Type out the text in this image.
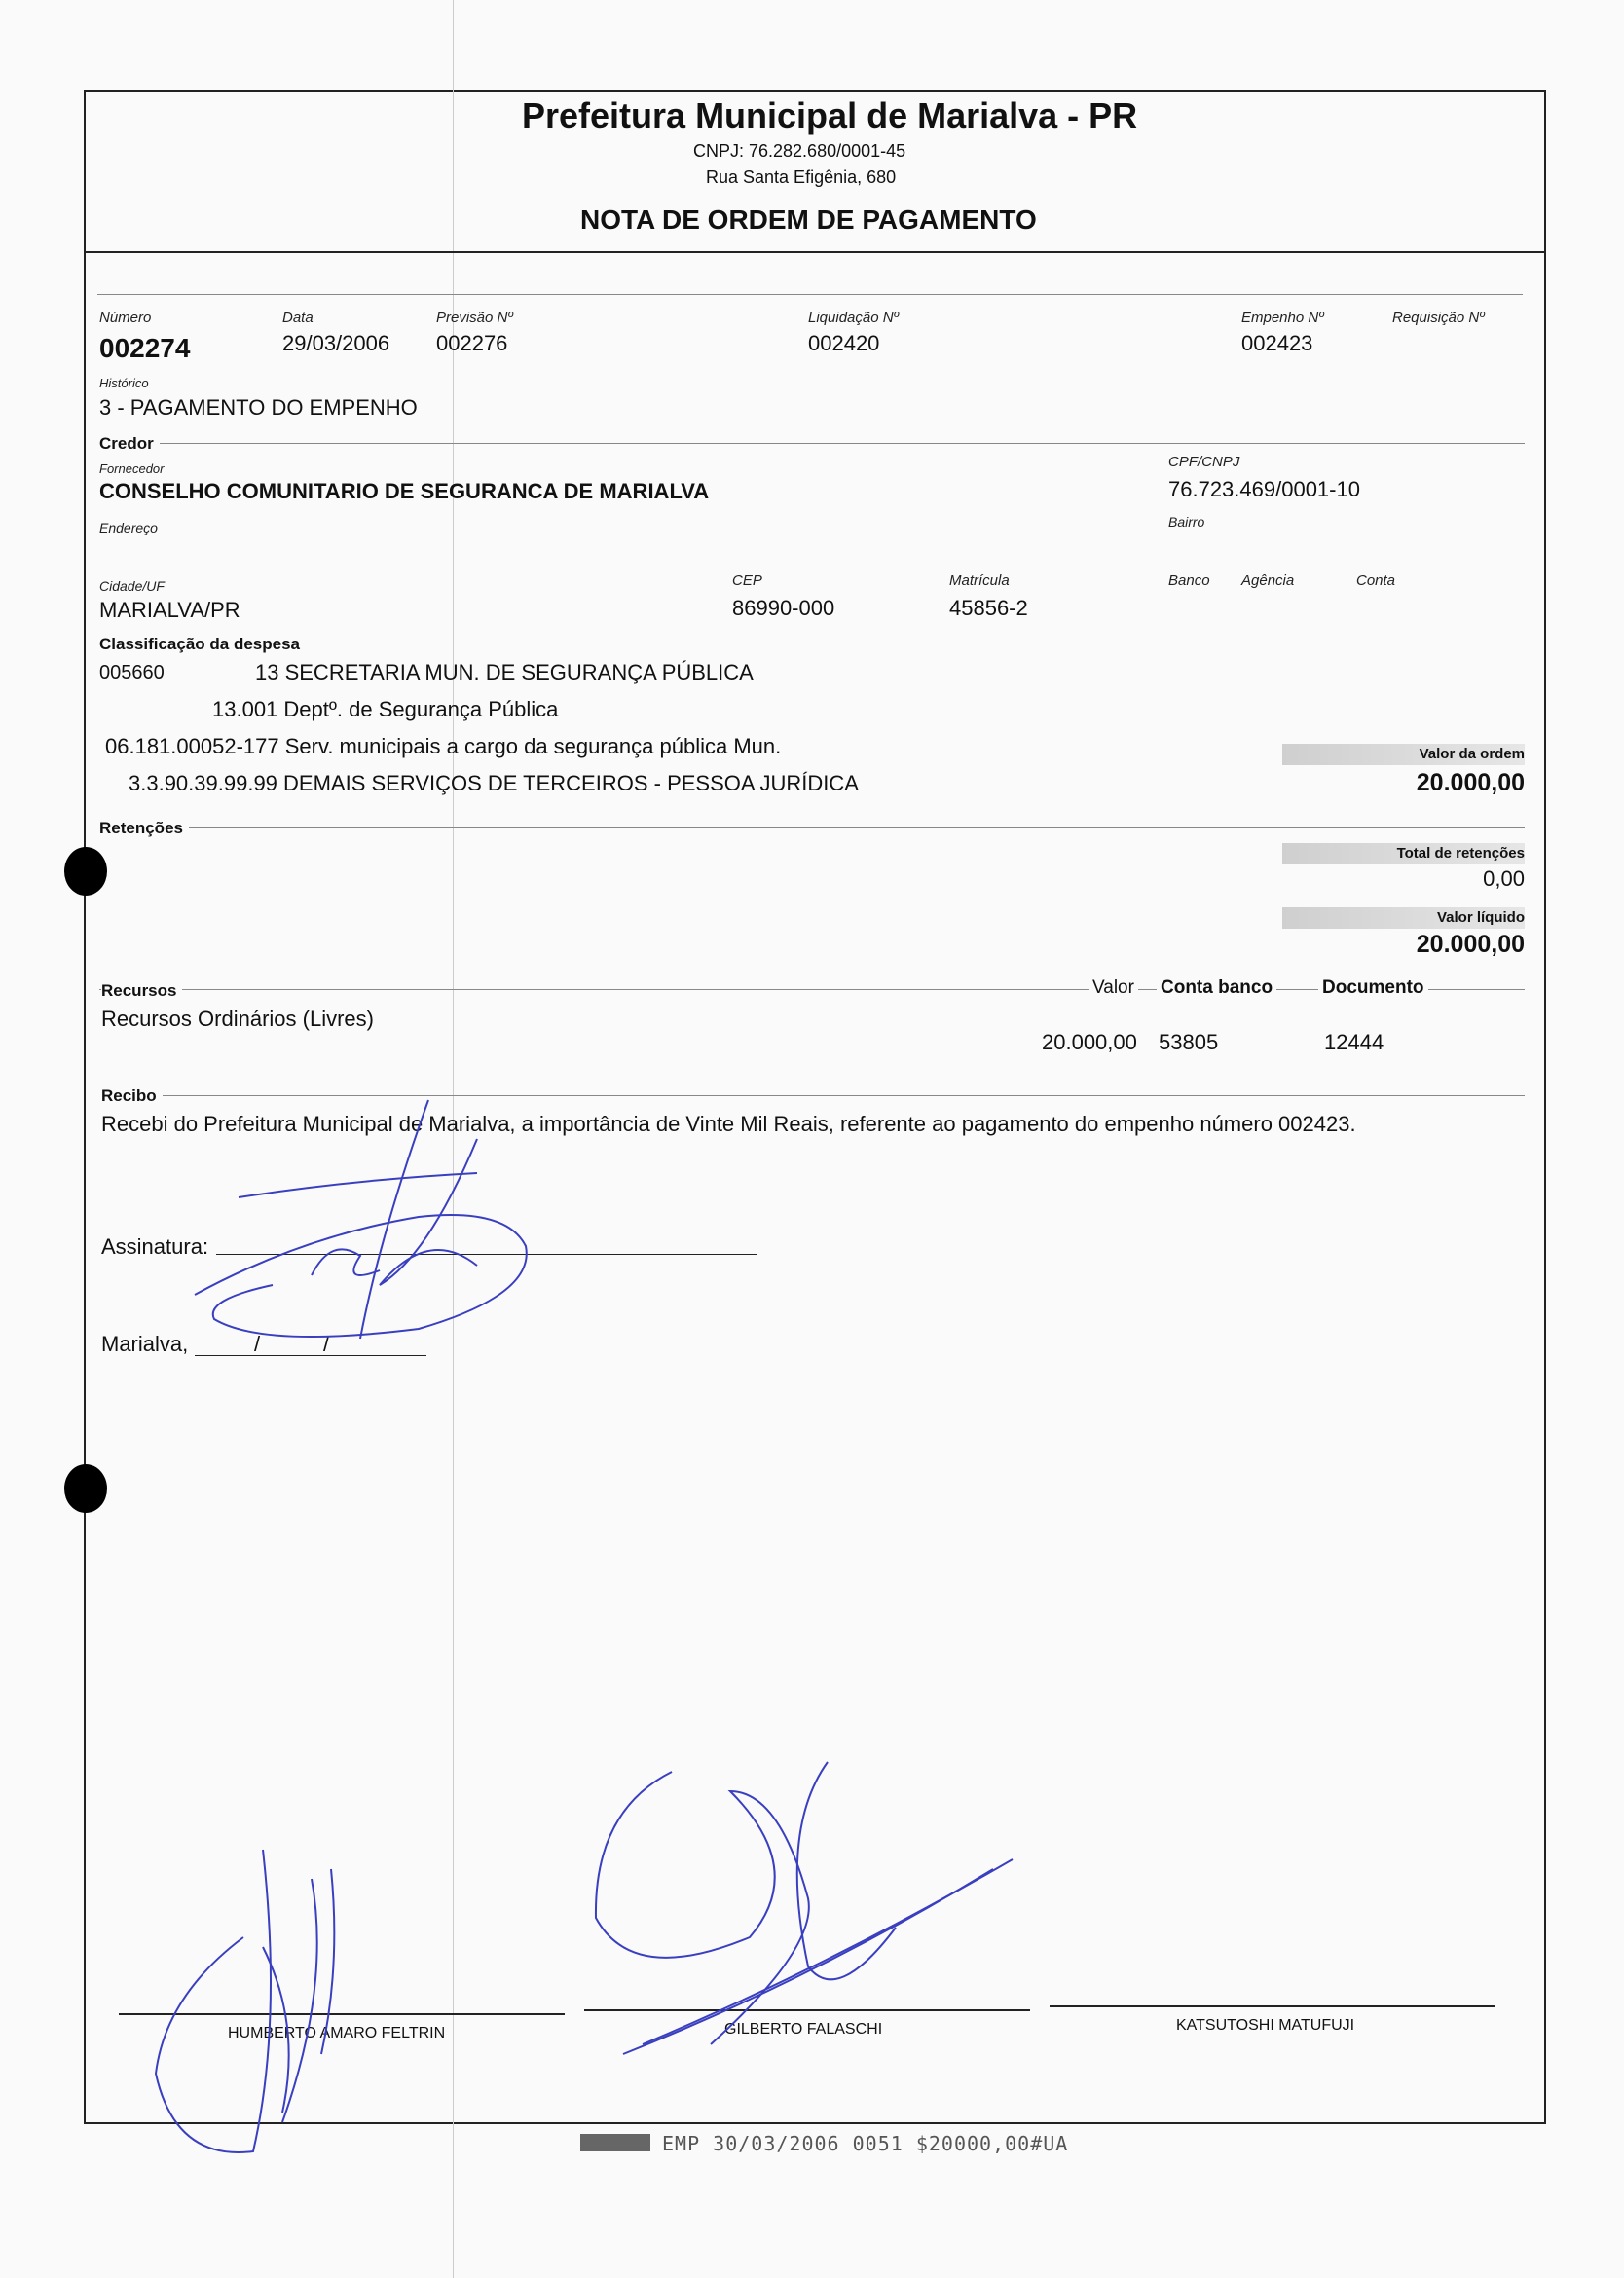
Prefeitura Municipal de Marialva - PR
CNPJ: 76.282.680/0001-45
Rua Santa Efigênia, 680
NOTA DE ORDEM DE PAGAMENTO
Número
002274
Data
29/03/2006
Previsão Nº
002276
Liquidação Nº
002420
Empenho Nº
002423
Requisição Nº
Histórico
3 - PAGAMENTO DO EMPENHO
Credor
Fornecedor
CONSELHO COMUNITARIO DE SEGURANCA DE MARIALVA
CPF/CNPJ
76.723.469/0001-10
Endereço	Bairro
Cidade/UF
MARIALVA/PR
CEP
86990-000
Matrícula
45856-2
Banco Agência	Conta
Classificação da despesa
005660	13 SECRETARIA MUN. DE SEGURANÇA PÚBLICA
13.001 Deptº. de Segurança Pública
06.181.00052-177 Serv. municipais a cargo da segurança pública Mun.
3.3.90.39.99.99 DEMAIS SERVIÇOS DE TERCEIROS - PESSOA JURÍDICA
Valor da ordem
20.000,00
Retenções
Total de retenções
0,00
Valor líquido
20.000,00
Recursos	Valor Conta banco	Documento
Recursos Ordinários (Livres)
20.000,00 53805	12444
Recibo
Recebi do Prefeitura Municipal de Marialva, a importância de Vinte Mil Reais, referente ao pagamento do empenho número 002423.
Assinatura:
Marialva,	/	/
HUMBERTO AMARO FELTRIN	GILBERTO FALASCHI	KATSUTOSHI MATUFUJI
EMP 30/03/2006 0051 $20000,00#UA
